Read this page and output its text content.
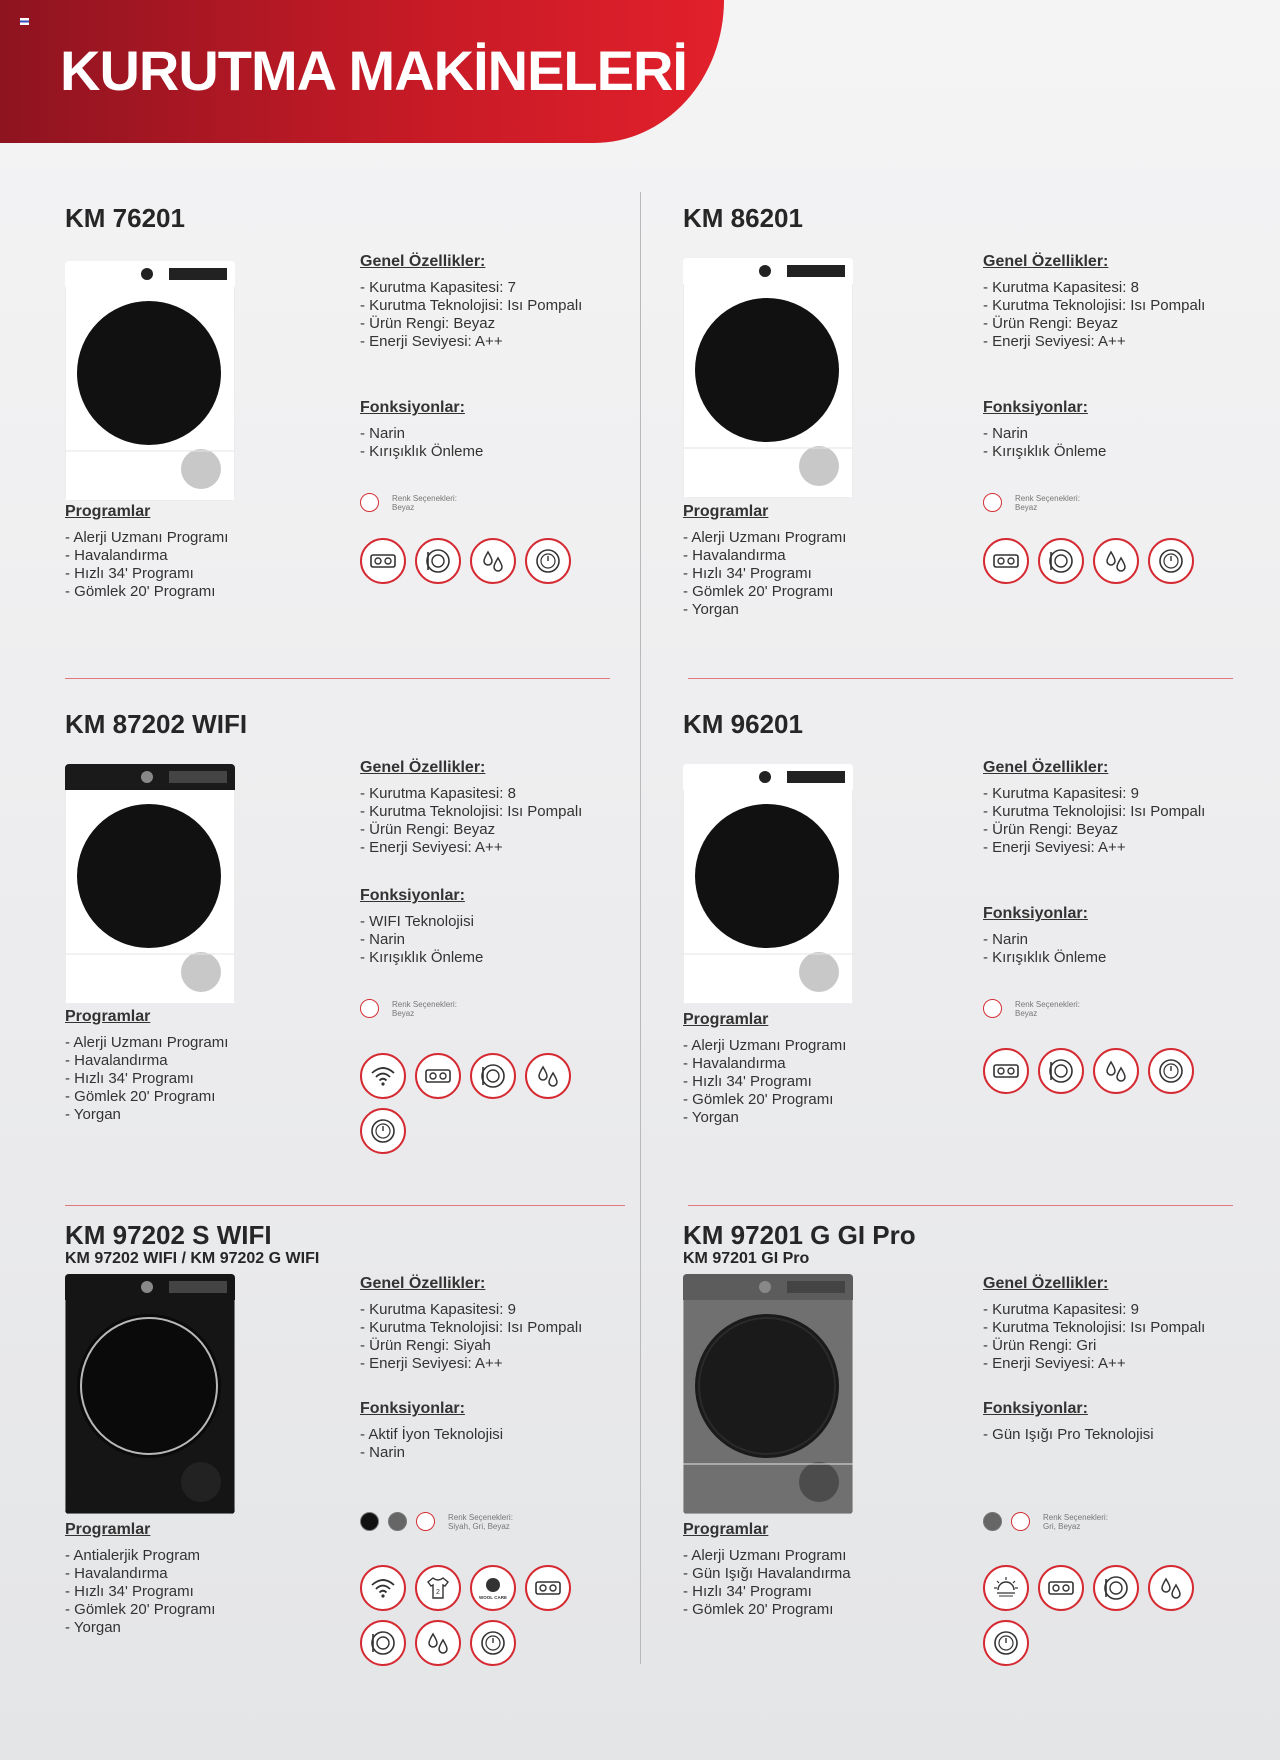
KURUTMA MAKİNELERİ
KM 76201
Genel Özellikler:
- Kurutma Kapasitesi: 7
- Kurutma Teknolojisi: Isı Pompalı
- Ürün Rengi: Beyaz
- Enerji Seviyesi: A++
Fonksiyonlar:
- Narin
- Kırışıklık Önleme
Programlar
- Alerji Uzmanı Programı
- Havalandırma
- Hızlı 34' Programı
- Gömlek 20' Programı
Renk Seçenekleri:
Beyaz
KM 86201
Genel Özellikler:
- Kurutma Kapasitesi: 8
- Kurutma Teknolojisi: Isı Pompalı
- Ürün Rengi: Beyaz
- Enerji Seviyesi: A++
Fonksiyonlar:
- Narin
- Kırışıklık Önleme
Programlar
- Alerji Uzmanı Programı
- Havalandırma
- Hızlı 34' Programı
- Gömlek 20' Programı
- Yorgan
Renk Seçenekleri:
Beyaz
KM 87202 WIFI
Genel Özellikler:
- Kurutma Kapasitesi: 8
- Kurutma Teknolojisi: Isı Pompalı
- Ürün Rengi: Beyaz
- Enerji Seviyesi: A++
Fonksiyonlar:
- WIFI Teknolojisi
- Narin
- Kırışıklık Önleme
Programlar
- Alerji Uzmanı Programı
- Havalandırma
- Hızlı 34' Programı
- Gömlek 20' Programı
- Yorgan
Renk Seçenekleri:
Beyaz
KM 96201
Genel Özellikler:
- Kurutma Kapasitesi: 9
- Kurutma Teknolojisi: Isı Pompalı
- Ürün Rengi: Beyaz
- Enerji Seviyesi: A++
Fonksiyonlar:
- Narin
- Kırışıklık Önleme
Programlar
- Alerji Uzmanı Programı
- Havalandırma
- Hızlı 34' Programı
- Gömlek 20' Programı
- Yorgan
Renk Seçenekleri:
Beyaz
KM 97202 S WIFI
KM 97202 WIFI / KM 97202 G WIFI
Genel Özellikler:
- Kurutma Kapasitesi: 9
- Kurutma Teknolojisi: Isı Pompalı
- Ürün Rengi: Siyah
- Enerji Seviyesi: A++
Fonksiyonlar:
- Aktif İyon Teknolojisi
- Narin
Programlar
- Antialerjik Program
- Havalandırma
- Hızlı 34' Programı
- Gömlek 20' Programı
- Yorgan
Renk Seçenekleri:
Siyah, Gri, Beyaz
2
WOOL CARE
KM 97201 G GI Pro
KM 97201 GI Pro
Genel Özellikler:
- Kurutma Kapasitesi: 9
- Kurutma Teknolojisi: Isı Pompalı
- Ürün Rengi: Gri
- Enerji Seviyesi: A++
Fonksiyonlar:
- Gün Işığı Pro Teknolojisi
Programlar
- Alerji Uzmanı Programı
- Gün Işığı Havalandırma
- Hızlı 34' Programı
- Gömlek 20' Programı
Renk Seçenekleri:
Gri, Beyaz
